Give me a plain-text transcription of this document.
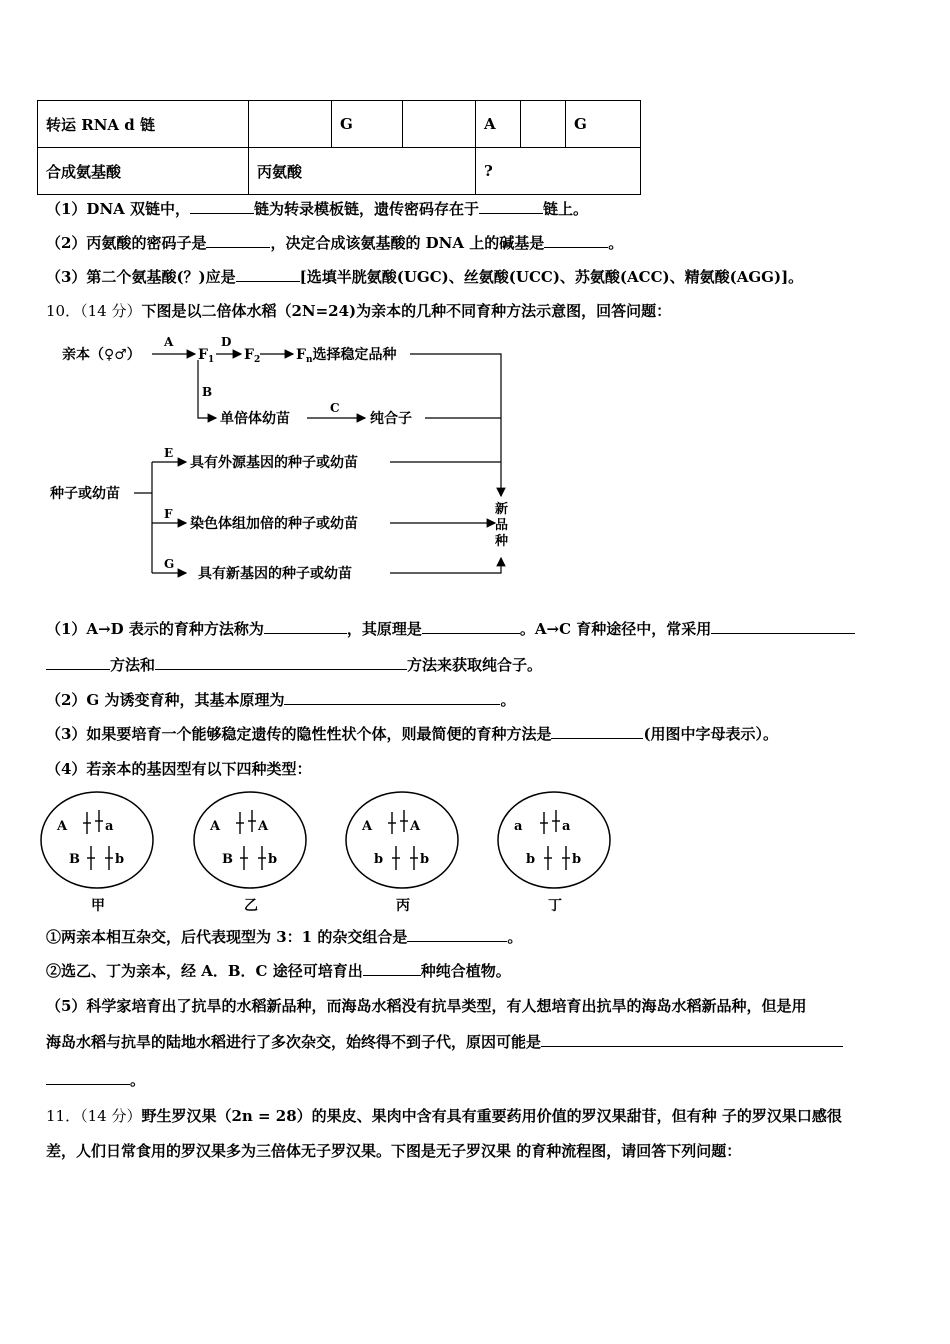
转运 RNA d 链		G		A		G
合成氨基酸	丙氨酸			?		
（1）DNA 双链中，	链为转录模板链，遗传密码存在于	链上。
（2）丙氨酸的密码子是	，决定合成该氨基酸的 DNA 上的碱基是	。
（3）第二个氨基酸(？)应是	[选填半胱氨酸(UGC)、丝氨酸(UCC)、苏氨酸(ACC)、精氨酸(AGG)]。
10．（14 分）下图是以二倍体水稻（2N=24)为亲本的几种不同育种方法示意图，回答问题：
亲本（♀♂）
A
$F_1$
D
$F_2$	$F_n$选择稳定品种
B
单倍体幼苗
C
纯合子
种子或幼苗
E
具有外源基因的种子或幼苗
F
染色体组加倍的种子或幼苗
G
具有新基因的种子或幼苗
新
品
种
（1）A→D 表示的育种方法称为	，其原理是	。A→C 育种途径中，常采用
方法和	方法来获取纯合子。
（2）G 为诱变育种，其基本原理为	。
（3）如果要培育一个能够稳定遗传的隐性性状个体，则最简便的育种方法是	(用图中字母表示）。
（4）若亲本的基因型有以下四种类型：
A	a
B	b
甲
A	A
B	b
乙
A	A
b	b
丙
a	a
b	b
丁
①两亲本相互杂交，后代表现型为 3：1 的杂交组合是	。
②选乙、丁为亲本，经 A．B．C 途径可培育出	种纯合植物。
（5）科学家培育出了抗旱的水稻新品种，而海岛水稻没有抗旱类型，有人想培育出抗旱的海岛水稻新品种，但是用
海岛水稻与抗旱的陆地水稻进行了多次杂交，始终得不到子代，原因可能是
。
11．（14 分）野生罗汉果（2n = 28）的果皮、果肉中含有具有重要药用价值的罗汉果甜苷，但有种 子的罗汉果口感很
差，人们日常食用的罗汉果多为三倍体无子罗汉果。下图是无子罗汉果 的育种流程图，请回答下列问题：
